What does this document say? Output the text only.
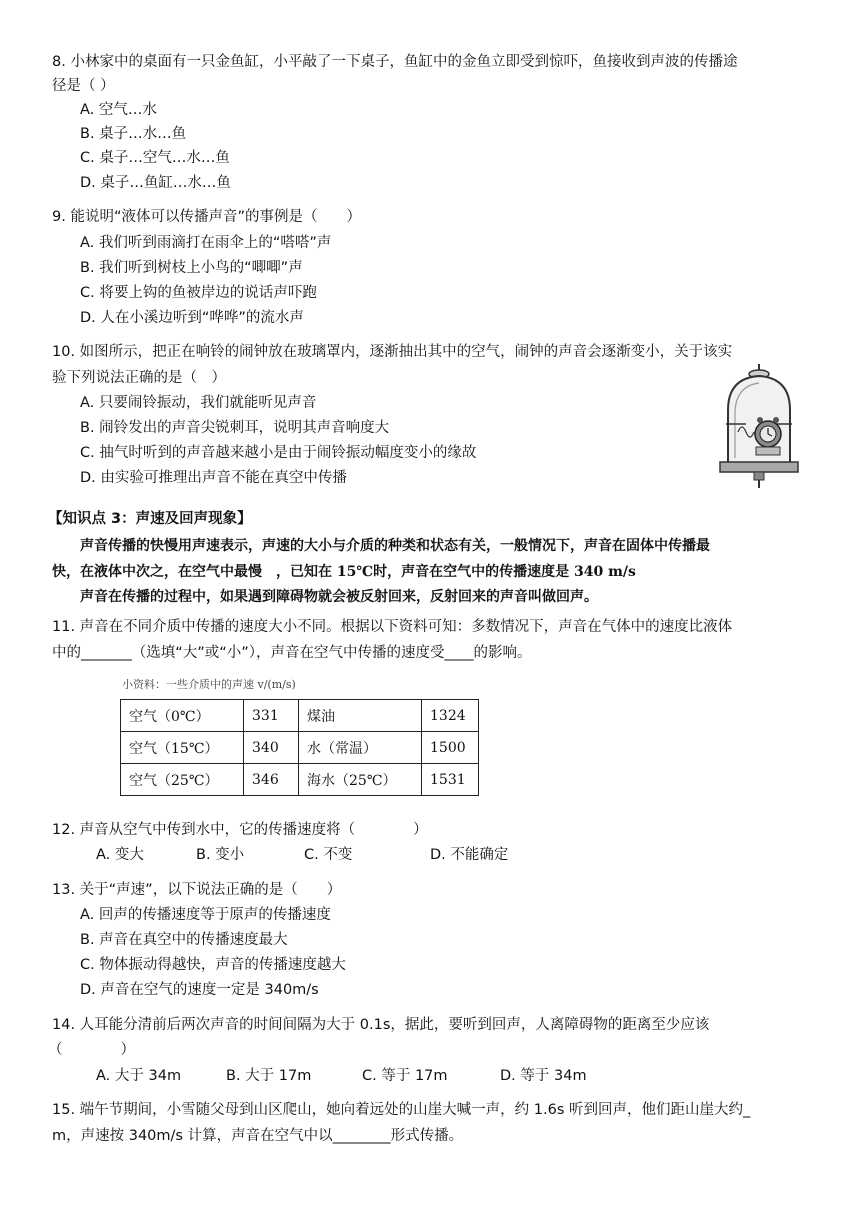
8. 小林家中的桌面有一只金鱼缸，小平敲了一下桌子，鱼缸中的金鱼立即受到惊吓，鱼接收到声波的传播途
径是（ ）
A. 空气…水
B. 桌子…水…鱼
C. 桌子…空气…水…鱼
D. 桌子…鱼缸…水…鱼
9. 能说明“液体可以传播声音”的事例是（　　）
A. 我们听到雨滴打在雨伞上的“嗒嗒”声
B. 我们听到树枝上小鸟的“唧唧”声
C. 将要上钩的鱼被岸边的说话声吓跑
D. 人在小溪边听到“哗哗”的流水声
10. 如图所示，把正在响铃的闹钟放在玻璃罩内，逐渐抽出其中的空气，闹钟的声音会逐渐变小，关于该实
验下列说法正确的是（　）
A. 只要闹铃振动，我们就能听见声音
B. 闹铃发出的声音尖锐刺耳，说明其声音响度大
C. 抽气时听到的声音越来越小是由于闹铃振动幅度变小的缘故
D. 由实验可推理出声音不能在真空中传播
【知识点 3：声速及回声现象】
　　声音传播的快慢用声速表示，声速的大小与介质的种类和状态有关，一般情况下，声音在固体中传播最
快，在液体中次之，在空气中最慢　，已知在 15℃时，声音在空气中的传播速度是 340 m/s
　　声音在传播的过程中，如果遇到障碍物就会被反射回来，反射回来的声音叫做回声。
11. 声音在不同介质中传播的速度大小不同。根据以下资料可知：多数情况下，声音在气体中的速度比液体
中的_______（选填“大”或“小”），声音在空气中传播的速度受____的影响。
小资料：一些介质中的声速 v/(m/s)
空气（0℃）	331	煤油	1324
空气（15℃）	340	水（常温）	1500
空气（25℃）	346	海水（25℃）	1531
12. 声音从空气中传到水中，它的传播速度将（　　　　）
A. 变大	B. 变小	C. 不变	D. 不能确定
13. 关于“声速”，以下说法正确的是（　　）
A. 回声的传播速度等于原声的传播速度
B. 声音在真空中的传播速度最大
C. 物体振动得越快，声音的传播速度越大
D. 声音在空气的速度一定是 340m/s
14. 人耳能分清前后两次声音的时间间隔为大于 0.1s，据此，要听到回声，人离障碍物的距离至少应该
（　　　　）
A. 大于 34m	B. 大于 17m	C. 等于 17m	D. 等于 34m
15. 端午节期间，小雪随父母到山区爬山，她向着远处的山崖大喊一声，约 1.6s 听到回声，他们距山崖大约_
m，声速按 340m/s 计算，声音在空气中以________形式传播。
